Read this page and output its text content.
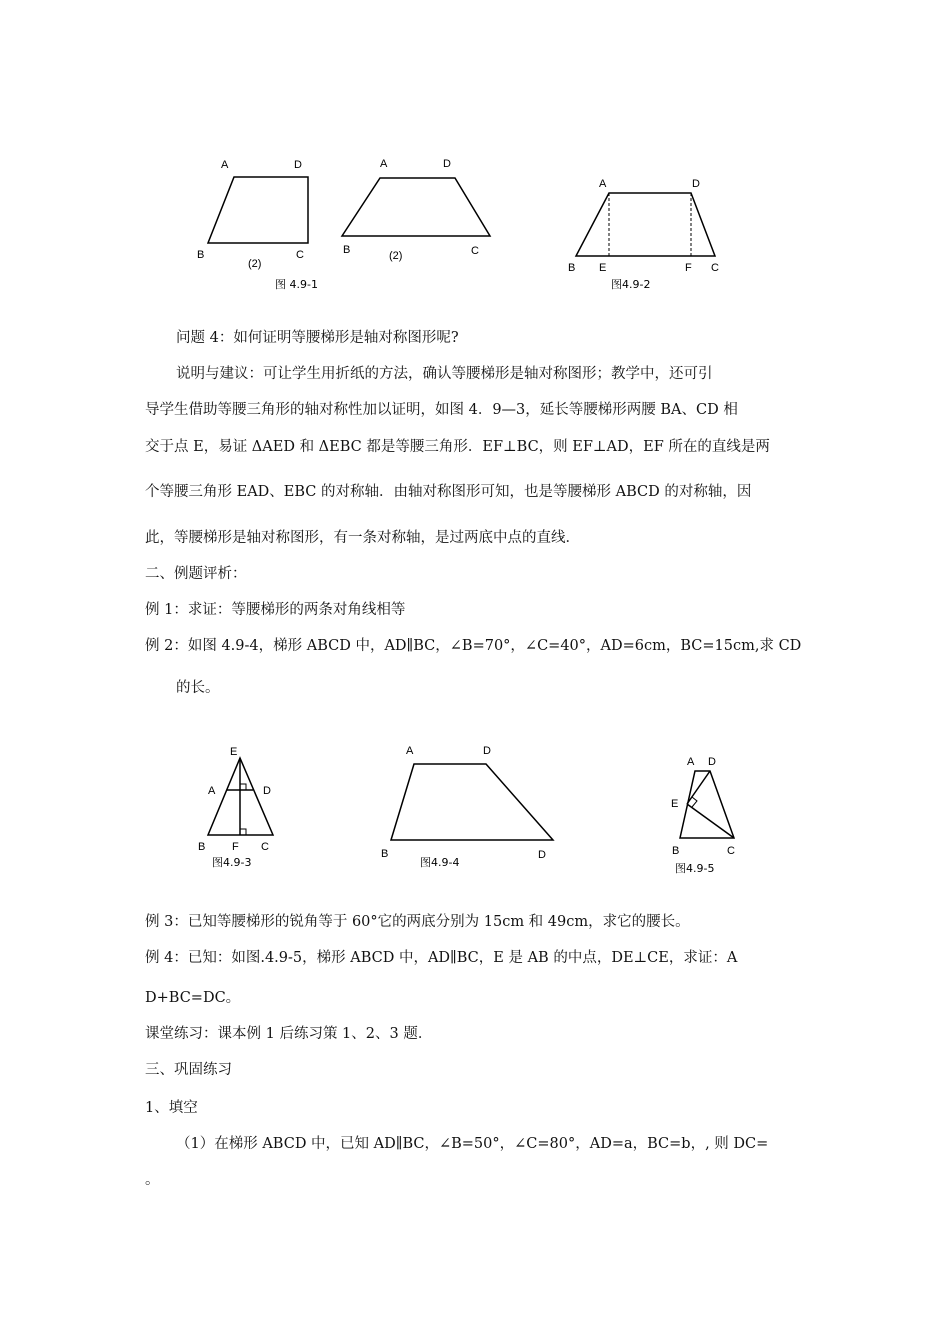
A	D
B	C
(2)
A	D
B	C
(2)
图 4.9-1
A	D
B E	F C
图4.9-2
E
A	D
B F C
图4.9-3
A	D
B	D
图4.9-4
A D
E
B	C
图4.9-5
问题 4：如何证明等腰梯形是轴对称图形呢?
说明与建议：可让学生用折纸的方法，确认等腰梯形是轴对称图形；教学中，还可引
导学生借助等腰三角形的轴对称性加以证明，如图 4．9—3，延长等腰梯形两腰 BA、CD 相
交于点 E，易证 ΔAED 和 ΔEBC 都是等腰三角形．EF⊥BC，则 EF⊥AD，EF 所在的直线是两
个等腰三角形 EAD、EBC 的对称轴．由轴对称图形可知，也是等腰梯形 ABCD 的对称轴，因
此，等腰梯形是轴对称图形，有一条对称轴，是过两底中点的直线．
二、例题评析：
例 1：求证：等腰梯形的两条对角线相等
例 2：如图 4.9-4，梯形 ABCD 中，AD∥BC，∠B=70°，∠C=40°，AD=6cm，BC=15cm,求 CD
的长。
例 3：已知等腰梯形的锐角等于 60°它的两底分别为 15cm 和 49cm，求它的腰长。
例 4：已知：如图.4.9-5，梯形 ABCD 中，AD∥BC，E 是 AB 的中点，DE⊥CE，求证：A
D+BC=DC。
课堂练习：课本例 1 后练习策 1、2、3 题．
三、巩固练习
1、填空
（1）在梯形 ABCD 中，已知 AD∥BC，∠B=50°，∠C=80°，AD=a，BC=b，, 则 DC=
。
